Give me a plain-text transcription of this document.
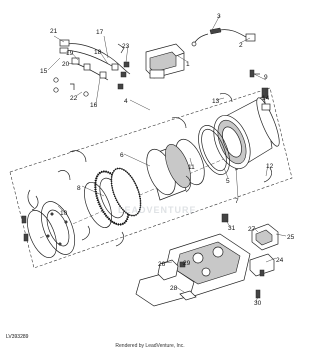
1
2
3
4
5
6
7
8
9
10
11	12
13	14
15
16
17
18
19
20
21
22
23
24
25
26
27
28
29
30
31
LEADVENTURE
LV393289
Rendered by LeadVenture, Inc.
